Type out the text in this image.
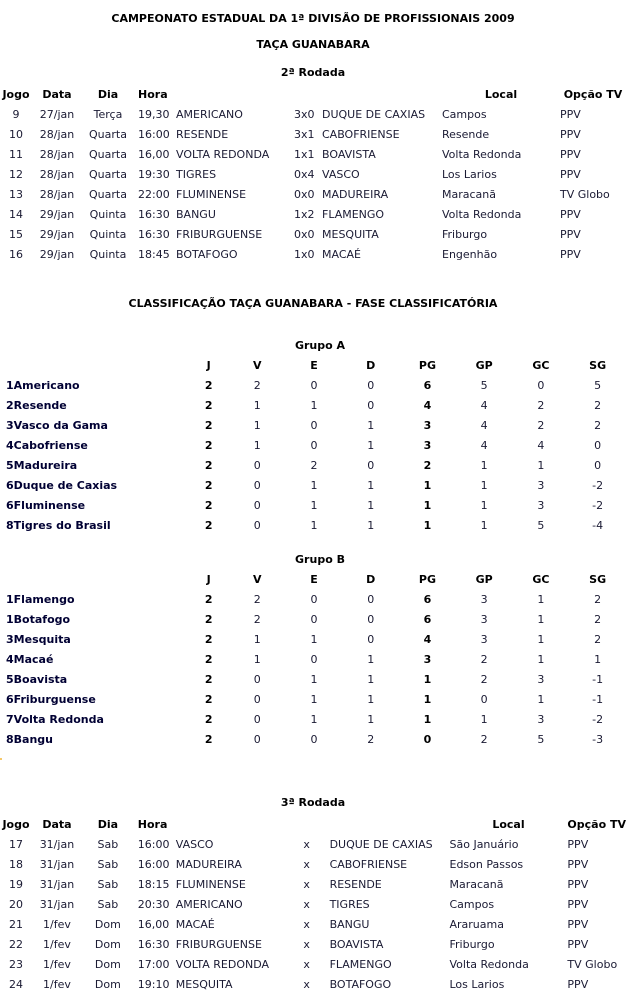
CAMPEONATO ESTADUAL DA 1ª DIVISÃO DE PROFISSIONAIS 2009
TAÇA GUANABARA
2ª Rodada
Jogo	Data	Dia	Hora				Local	Opção TV
9	27/jan	Terça	19,30	AMERICANO	3x0	DUQUE DE CAXIAS	Campos	PPV
10	28/jan	Quarta	16:00	RESENDE	3x1	CABOFRIENSE	Resende	PPV
11	28/jan	Quarta	16,00	VOLTA REDONDA	1x1	BOAVISTA	Volta Redonda	PPV
12	28/jan	Quarta	19:30	TIGRES	0x4	VASCO	Los Larios	PPV
13	28/jan	Quarta	22:00	FLUMINENSE	0x0	MADUREIRA	Maracanã	TV Globo
14	29/jan	Quinta	16:30	BANGU	1x2	FLAMENGO	Volta Redonda	PPV
15	29/jan	Quinta	16:30	FRIBURGUENSE	0x0	MESQUITA	Friburgo	PPV
16	29/jan	Quinta	18:45	BOTAFOGO	1x0	MACAÉ	Engenhão	PPV
CLASSIFICAÇÃO TAÇA GUANABARA - FASE CLASSIFICATÓRIA
Grupo A
	J	V	E	D	PG	GP	GC	SG
1Americano	2	2	0	0	6	5	0	5
2Resende	2	1	1	0	4	4	2	2
3Vasco da Gama	2	1	0	1	3	4	2	2
4Cabofriense	2	1	0	1	3	4	4	0
5Madureira	2	0	2	0	2	1	1	0
6Duque de Caxias	2	0	1	1	1	1	3	-2
6Fluminense	2	0	1	1	1	1	3	-2
8Tigres do Brasil	2	0	1	1	1	1	5	-4
Grupo B
	J	V	E	D	PG	GP	GC	SG
1Flamengo	2	2	0	0	6	3	1	2
1Botafogo	2	2	0	0	6	3	1	2
3Mesquita	2	1	1	0	4	3	1	2
4Macaé	2	1	0	1	3	2	1	1
5Boavista	2	0	1	1	1	2	3	-1
6Friburguense	2	0	1	1	1	0	1	-1
7Volta Redonda	2	0	1	1	1	1	3	-2
8Bangu	2	0	0	2	0	2	5	-3
3ª Rodada
Jogo	Data	Dia	Hora				Local	Opção TV
17	31/jan	Sab	16:00	VASCO	x	DUQUE DE CAXIAS	São Januário	PPV
18	31/jan	Sab	16:00	MADUREIRA	x	CABOFRIENSE	Edson Passos	PPV
19	31/jan	Sab	18:15	FLUMINENSE	x	RESENDE	Maracanã	PPV
20	31/jan	Sab	20:30	AMERICANO	x	TIGRES	Campos	PPV
21	1/fev	Dom	16,00	MACAÉ	x	BANGU	Araruama	PPV
22	1/fev	Dom	16:30	FRIBURGUENSE	x	BOAVISTA	Friburgo	PPV
23	1/fev	Dom	17:00	VOLTA REDONDA	x	FLAMENGO	Volta Redonda	TV Globo
24	1/fev	Dom	19:10	MESQUITA	x	BOTAFOGO	Los Larios	PPV
